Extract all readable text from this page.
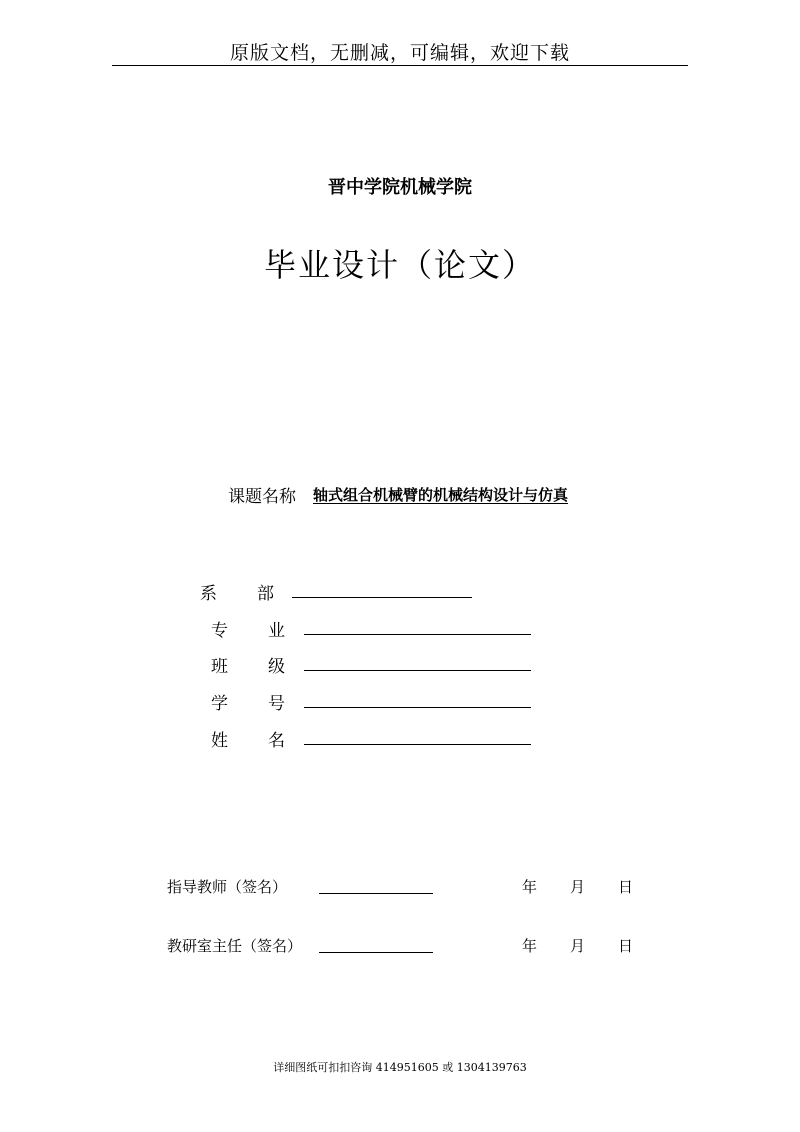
原版文档，无删减，可编辑，欢迎下载
晋中学院机械学院
毕业设计（论文）
课题名称 轴式组合机械臂的机械结构设计与仿真
系 部
专 业
班 级
学 号
姓 名
指导教师（签名）	年 月 日
教研室主任（签名）	年 月 日
详细图纸可扣扣咨询 414951605 或 1304139763
